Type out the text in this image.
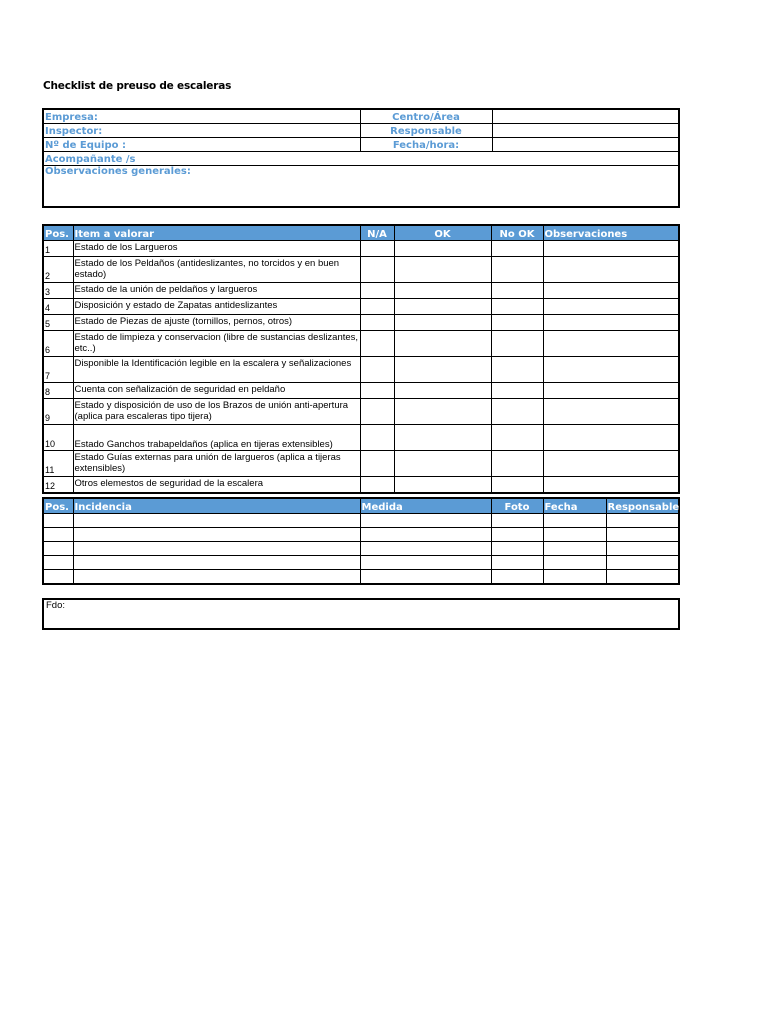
Checklist de preuso de escaleras
Empresa:	Centro/Área	
Inspector:	Responsable	
Nº de Equipo :	Fecha/hora:	
Acompañante /s		
Observaciones generales:		
Pos.	Item a valorar	N/A	OK	No OK	Observaciones
1	Estado de los Largueros				
2	Estado de los Peldaños (antideslizantes, no torcidos y en buen estado)				
3	Estado de la unión de peldaños y largueros				
4	Disposición y estado de Zapatas antideslizantes				
5	Estado de Piezas de ajuste (tornillos, pernos, otros)				
6	Estado de limpieza y conservacion (libre de sustancias deslizantes, etc..)				
7	Disponible la Identificación legible en la escalera y señalizaciones				
8	Cuenta con señalización de seguridad en peldaño				
9	Estado y disposición de uso de los Brazos de unión anti-apertura (aplica para escaleras tipo tijera)				
10	Estado Ganchos trabapeldaños (aplica en tijeras extensibles)				
11	Estado Guías externas para unión de largueros (aplica a tijeras extensibles)				
12	Otros elemestos de seguridad de la escalera				
Pos.	Incidencia	Medida	Foto	Fecha	Responsable

Fdo:
